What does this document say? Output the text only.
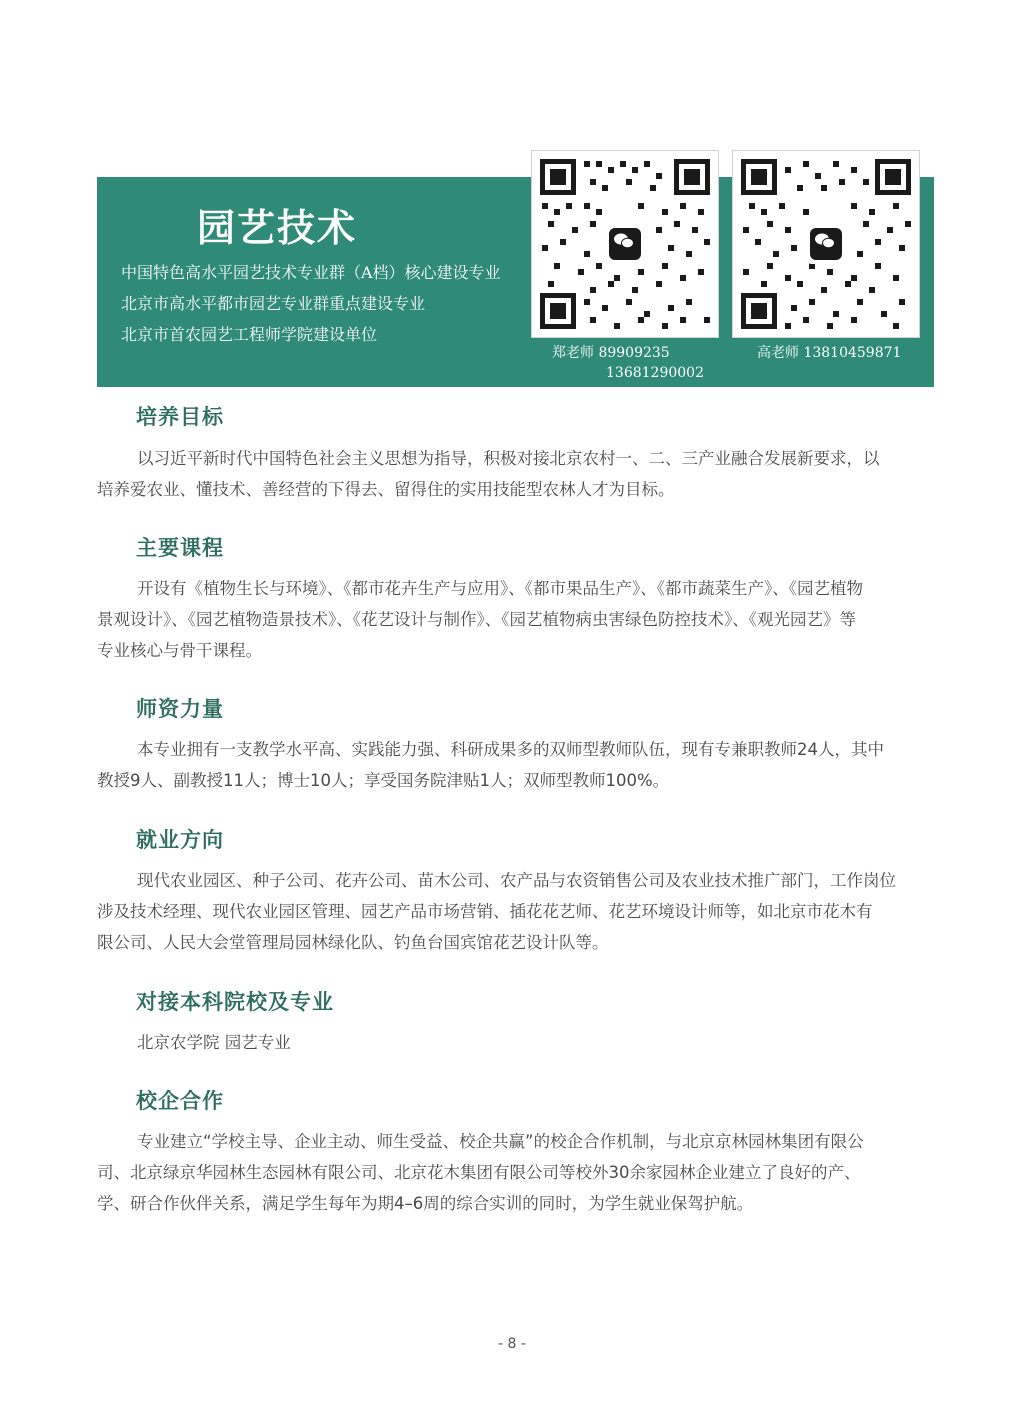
园艺技术
中国特色高水平园艺技术专业群（A档）核心建设专业
北京市高水平都市园艺专业群重点建设专业
北京市首农园艺工程师学院建设单位
郑老师 89909235
13681290002
高老师 13810459871
培养目标
以习近平新时代中国特色社会主义思想为指导，积极对接北京农村一、二、三产业融合发展新要求，以
培养爱农业、懂技术、善经营的下得去、留得住的实用技能型农林人才为目标。
主要课程
开设有《植物生长与环境》、《都市花卉生产与应用》、《都市果品生产》、《都市蔬菜生产》、《园艺植物
景观设计》、《园艺植物造景技术》、《花艺设计与制作》、《园艺植物病虫害绿色防控技术》、《观光园艺》等
专业核心与骨干课程。
师资力量
本专业拥有一支教学水平高、实践能力强、科研成果多的双师型教师队伍，现有专兼职教师24人，其中
教授9人、副教授11人；博士10人；享受国务院津贴1人；双师型教师100%。
就业方向
现代农业园区、种子公司、花卉公司、苗木公司、农产品与农资销售公司及农业技术推广部门，工作岗位
涉及技术经理、现代农业园区管理、园艺产品市场营销、插花花艺师、花艺环境设计师等，如北京市花木有
限公司、人民大会堂管理局园林绿化队、钓鱼台国宾馆花艺设计队等。
对接本科院校及专业
北京农学院 园艺专业
校企合作
专业建立“学校主导、企业主动、师生受益、校企共赢”的校企合作机制，与北京京林园林集团有限公
司、北京绿京华园林生态园林有限公司、北京花木集团有限公司等校外30余家园林企业建立了良好的产、
学、研合作伙伴关系，满足学生每年为期4–6周的综合实训的同时，为学生就业保驾护航。
- 8 -
